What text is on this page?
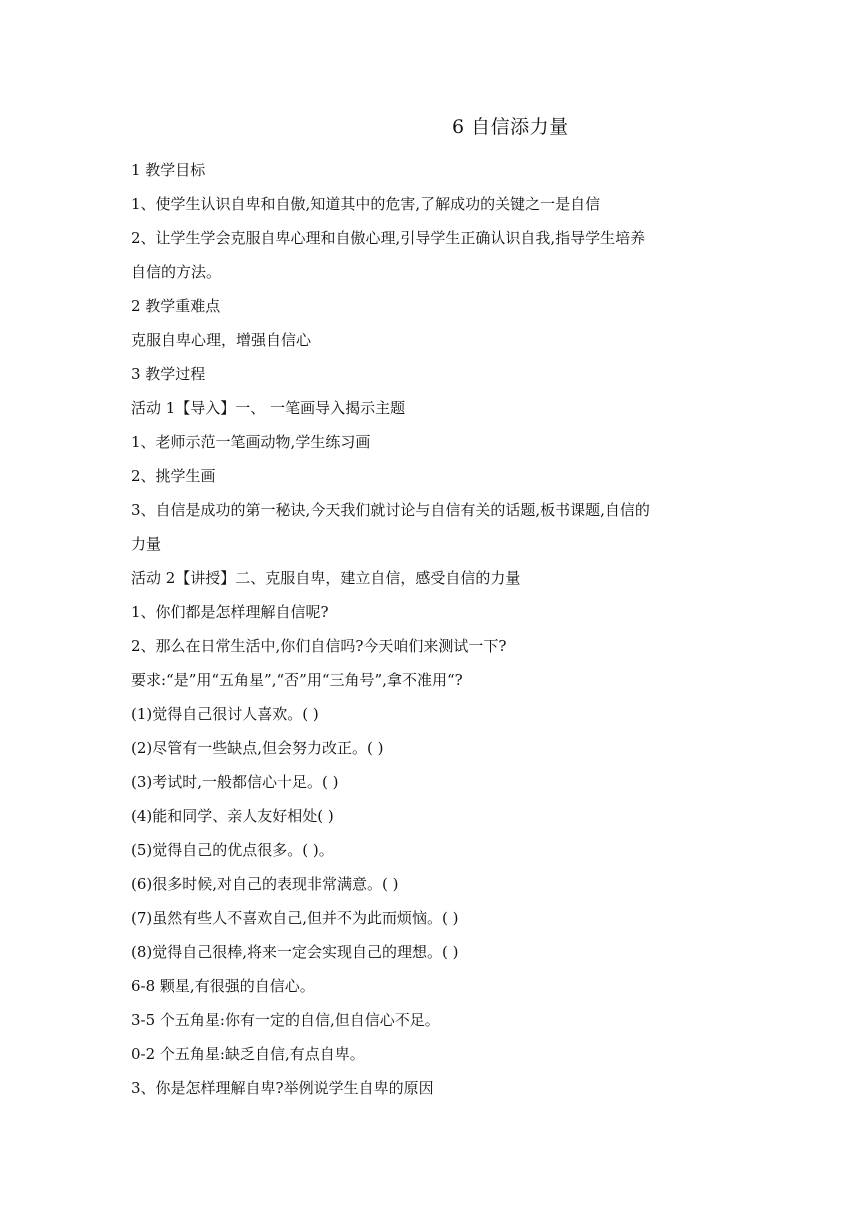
6 自信添力量
1 教学目标
1、使学生认识自卑和自傲,知道其中的危害,了解成功的关键之一是自信
2、让学生学会克服自卑心理和自傲心理,引导学生正确认识自我,指导学生培养
自信的方法。
2 教学重难点
克服自卑心理，增强自信心
3 教学过程
活动 1【导入】一、 一笔画导入揭示主题
1、老师示范一笔画动物,学生练习画
2、挑学生画
3、自信是成功的第一秘诀,今天我们就讨论与自信有关的话题,板书课题,自信的
力量
活动 2【讲授】二、克服自卑，建立自信，感受自信的力量
1、你们都是怎样理解自信呢?
2、那么在日常生活中,你们自信吗?今天咱们来测试一下?
要求:“是”用“五角星”,“否”用“三角号”,拿不准用“?
(1)觉得自己很讨人喜欢。( )
(2)尽管有一些缺点,但会努力改正。( )
(3)考试时,一般都信心十足。( )
(4)能和同学、亲人友好相处( )
(5)觉得自己的优点很多。( )。
(6)很多时候,对自己的表现非常满意。( )
(7)虽然有些人不喜欢自己,但并不为此而烦恼。( )
(8)觉得自己很棒,将来一定会实现自己的理想。( )
6-8 颗星,有很强的自信心。
3-5 个五角星:你有一定的自信,但自信心不足。
0-2 个五角星:缺乏自信,有点自卑。
3、你是怎样理解自卑?举例说学生自卑的原因
